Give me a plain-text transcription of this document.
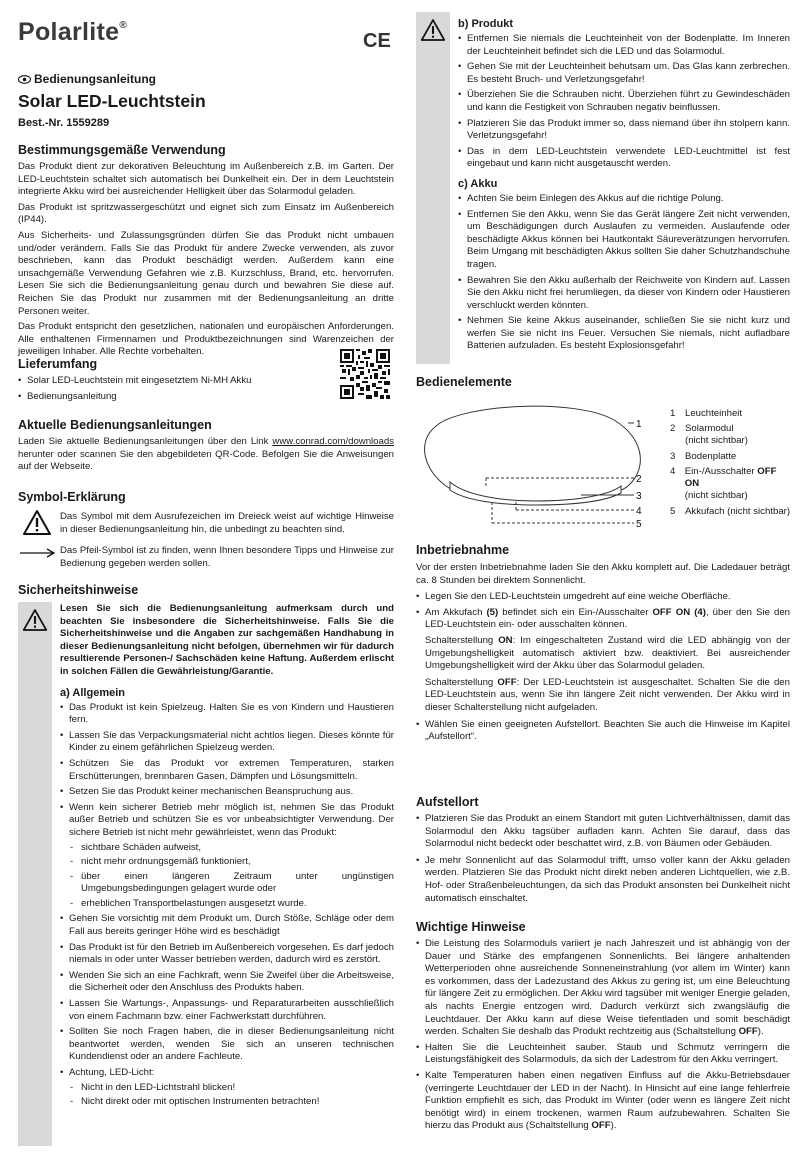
Polarlite®
CE
Bedienungsanleitung
Solar LED-Leuchtstein
Best.-Nr. 1559289
Bestimmungsgemäße Verwendung

Das Produkt dient zur dekorativen Beleuchtung im Außenbereich z.B. im Garten. Der LED-Leuchtstein schaltet sich automatisch bei Dunkelheit ein. Der in dem Leuchtstein integrierte Akku wird bei ausreichender Helligkeit über das Solarmodul geladen.

Das Produkt ist spritzwassergeschützt und eignet sich zum Einsatz im Außenbereich (IP44).

Aus Sicherheits- und Zulassungsgründen dürfen Sie das Produkt nicht umbauen und/oder verändern. Falls Sie das Produkt für andere Zwecke verwenden, als zuvor beschrieben, kann das Produkt beschädigt werden. Außerdem kann eine unsachgemäße Verwendung Gefahren wie z.B. Kurzschluss, Brand, etc. hervorrufen. Lesen Sie sich die Bedienungsanleitung genau durch und bewahren Sie diese auf. Reichen Sie das Produkt nur zusammen mit der Bedienungsanleitung an dritte Personen weiter.

Das Produkt entspricht den gesetzlichen, nationalen und europäischen Anforderungen. Alle enthaltenen Firmennamen und Produktbezeichnungen sind Warenzeichen der jeweiligen Inhaber. Alle Rechte vorbehalten.

Lieferumfang
• Solar LED-Leuchtstein mit eingesetztem Ni-MH Akku
• Bedienungsanleitung
Aktuelle Bedienungsanleitungen

Laden Sie aktuelle Bedienungsanleitungen über den Link www.conrad.com/downloads herunter oder scannen Sie den abgebildeten QR-Code. Befolgen Sie die Anweisungen auf der Webseite.

Symbol-Erklärung

Das Symbol mit dem Ausrufezeichen im Dreieck weist auf wichtige Hinweise in dieser Bedienungsanleitung hin, die unbedingt zu beachten sind.

Das Pfeil-Symbol ist zu finden, wenn Ihnen besondere Tipps und Hinweise zur Bedienung gegeben werden sollen.

Sicherheitshinweise

Lesen Sie sich die Bedienungsanleitung aufmerksam durch und beachten Sie insbesondere die Sicherheitshinweise. Falls Sie die Sicherheitshinweise und die Angaben zur sachgemäßen Handhabung in dieser Bedienungsanleitung nicht befolgen, übernehmen wir für dadurch resultierende Personen-/ Sachschäden keine Haftung. Außerdem erlischt in solchen Fällen die Gewährleistung/Garantie.

a) Allgemein
• Das Produkt ist kein Spielzeug. Halten Sie es von Kindern und Haustieren fern.
• Lassen Sie das Verpackungsmaterial nicht achtlos liegen. Dieses könnte für Kinder zu einem gefährlichen Spielzeug werden.
• Schützen Sie das Produkt vor extremen Temperaturen, starken Erschütterungen, brennbaren Gasen, Dämpfen und Lösungsmitteln.
• Setzen Sie das Produkt keiner mechanischen Beanspruchung aus.
• Wenn kein sicherer Betrieb mehr möglich ist, nehmen Sie das Produkt außer Betrieb und schützen Sie es vor unbeabsichtigter Verwendung. Der sichere Betrieb ist nicht mehr gewährleistet, wenn das Produkt:
- sichtbare Schäden aufweist,
- nicht mehr ordnungsgemäß funktioniert,
- über einen längeren Zeitraum unter ungünstigen Umgebungsbedingungen gelagert wurde oder
- erheblichen Transportbelastungen ausgesetzt wurde.
• Gehen Sie vorsichtig mit dem Produkt um. Durch Stöße, Schläge oder dem Fall aus bereits geringer Höhe wird es beschädigt
• Das Produkt ist für den Betrieb im Außenbereich vorgesehen. Es darf jedoch niemals in oder unter Wasser betrieben werden, dadurch wird es zerstört.
• Wenden Sie sich an eine Fachkraft, wenn Sie Zweifel über die Arbeitsweise, die Sicherheit oder den Anschluss des Produkts haben.
• Lassen Sie Wartungs-, Anpassungs- und Reparaturarbeiten ausschließlich von einem Fachmann bzw. einer Fachwerkstatt durchführen.
• Sollten Sie noch Fragen haben, die in dieser Bedienungsanleitung nicht beantwortet werden, wenden Sie sich an unseren technischen Kundendienst oder an andere Fachleute.
• Achtung, LED-Licht:
- Nicht in den LED-Lichtstrahl blicken!
- Nicht direkt oder mit optischen Instrumenten betrachten!
b) Produkt
• Entfernen Sie niemals die Leuchteinheit von der Bodenplatte. Im Inneren der Leuchteinheit befindet sich die LED und das Solarmodul.
• Gehen Sie mit der Leuchteinheit behutsam um. Das Glas kann zerbrechen. Es besteht Bruch- und Verletzungsgefahr!
• Überziehen Sie die Schrauben nicht. Überziehen führt zu Gewindeschäden und kann die Festigkeit von Schrauben negativ beinflussen.
• Platzieren Sie das Produkt immer so, dass niemand über ihn stolpern kann. Verletzungsgefahr!
• Das in dem LED-Leuchtstein verwendete LED-Leuchtmittel ist fest eingebaut und kann nicht ausgetauscht werden.
c) Akku
• Achten Sie beim Einlegen des Akkus auf die richtige Polung.
• Entfernen Sie den Akku, wenn Sie das Gerät längere Zeit nicht verwenden, um Beschädigungen durch Auslaufen zu vermeiden. Auslaufende oder beschädigte Akkus können bei Hautkontakt Säureverätzungen hervorrufen. Beim Umgang mit beschädigten Akkus sollten Sie daher Schutzhandschuhe tragen.
• Bewahren Sie den Akku außerhalb der Reichweite von Kindern auf. Lassen Sie den Akku nicht frei herumliegen, da dieser von Kindern oder Haustieren verschluckt werden könnten.
• Nehmen Sie keine Akkus auseinander, schließen Sie sie nicht kurz und werfen Sie sie nicht ins Feuer. Versuchen Sie niemals, nicht aufladbare Batterien aufzuladen. Es besteht Explosionsgefahr!
Bedienelemente
1
2
3
4
5
1	Leuchteinheit
2	Solarmodul
(nicht sichtbar)
3	Bodenplatte
4 Ein-/Ausschalter OFF ON
(nicht sichtbar)
5	Akkufach (nicht sichtbar)
Inbetriebnahme

Vor der ersten Inbetriebnahme laden Sie den Akku komplett auf. Die Ladedauer beträgt ca. 8 Stunden bei direktem Sonnenlicht.

• Legen Sie den LED-Leuchtstein umgedreht auf eine weiche Oberfläche.
• Am Akkufach (5) befindet sich ein Ein-/Ausschalter OFF ON (4), über den Sie den LED-Leuchtstein ein- oder ausschalten können.

Schalterstellung ON: Im eingeschalteten Zustand wird die LED abhängig von der Umgebungshelligkeit automatisch aktiviert bzw. deaktiviert. Bei ausreichender Umgebungshelligkeit wird der Akku über das Solarmodul geladen.

Schalterstellung OFF: Der LED-Leuchtstein ist ausgeschaltet. Schalten Sie die den LED-Leuchtstein aus, wenn Sie ihn längere Zeit nicht verwenden. Der Akku wird in dieser Schalterstellung nicht aufgeladen.

• Wählen Sie einen geeigneten Aufstellort. Beachten Sie auch die Hinweise im Kapitel „Aufstellort“.
Aufstellort
• Platzieren Sie das Produkt an einem Standort mit guten Lichtverhältnissen, damit das Solarmodul den Akku tagsüber aufladen kann. Achten Sie darauf, dass das Solarmodul nicht bedeckt oder beschattet wird, z.B. von Bäumen oder Gebäuden.
• Je mehr Sonnenlicht auf das Solarmodul trifft, umso voller kann der Akku geladen werden. Platzieren Sie das Produkt nicht direkt neben anderen Lichtquellen, wie z.B. Hof- oder Straßenbeleuchtungen, da sich das Produkt ansonsten bei Dunkelheit nicht automatisch einschaltet.
Wichtige Hinweise
• Die Leistung des Solarmoduls variiert je nach Jahreszeit und ist abhängig von der Dauer und Stärke des empfangenen Sonnenlichts. Bei längere anhaltenden Wetterperioden ohne ausreichende Sonneneinstrahlung (vor allem im Winter) kann es vorkommen, dass der Ladezustand des Akkus zu gering ist, um eine Beleuchtung für längere Zeit zu ermöglichen. Der Akku wird tagsüber mit weniger Energie geladen, als nachts Energie entzogen wird. Dadurch verkürzt sich zwangsläufig die Leuchtdauer. Der Akku kann auf diese Weise tiefentladen und somit beschädigt werden. Schalten Sie deshalb das Produkt rechtzeitig aus (Schaltstellung OFF).
• Halten Sie die Leuchteinheit sauber. Staub und Schmutz verringern die Leistungsfähigkeit des Solarmoduls, da sich der Ladestrom für den Akku verringert.
• Kalte Temperaturen haben einen negativen Einfluss auf die Akku-Betriebsdauer (verringerte Leuchtdauer der LED in der Nacht). In Hinsicht auf eine lange fehlerfreie Funktion empfiehlt es sich, das Produkt im Winter (oder wenn es längere Zeit nicht benötigt wird) in einem trockenen, warmen Raum aufzubewahren. Schalten Sie hierzu das Produkt aus (Schaltstellung OFF).
